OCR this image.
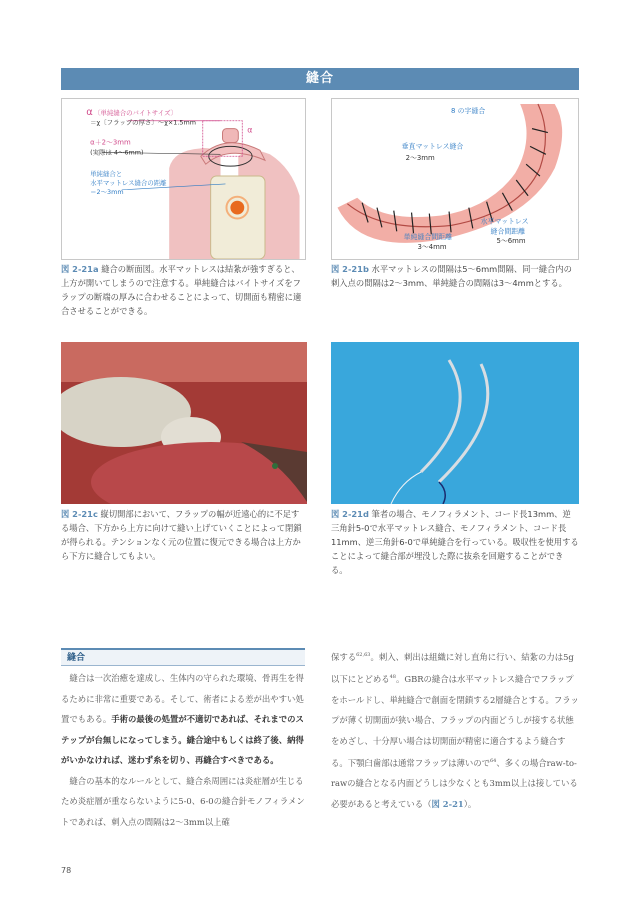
縫合
α 〔単純縫合のバイトサイズ〕
＝χ〔フラップの厚さ〕～χ×1.5mm
α＋2～3mm
(実際は 4～6mm)
単純縫合と
水平マットレス縫合の距離
＝2～3mm
α
図 2-21a 縫合の断面図。水平マットレスは結紮が強すぎると、上方が開いてしまうので注意する。単純縫合はバイトサイズをフラップの断端の厚みに合わせることによって、切開面も精密に適合させることができる。
8 の字縫合
垂直マットレス縫合
2～3mm
水平マットレス
縫合間距離
5～6mm
単純縫合間距離
3～4mm
図 2-21b 水平マットレスの間隔は5～6mm間隔、同一縫合内の刺入点の間隔は2～3mm、単純縫合の間隔は3～4mmとする。
図 2-21c 縦切開部において、フラップの幅が近遠心的に不足する場合、下方から上方に向けて縫い上げていくことによって閉鎖が得られる。テンションなく元の位置に復元できる場合は上方から下方に縫合してもよい。
図 2-21d 筆者の場合、モノフィラメント、コード長13mm、逆三角針5-0で水平マットレス縫合、モノフィラメント、コード長11mm、逆三角針6-0で単純縫合を行っている。吸収性を使用することによって縫合部が埋没した際に抜糸を回避することができる。
縫合

縫合は一次治癒を達成し、生体内の守られた環境、骨再生を得るために非常に重要である。そして、術者による差が出やすい処置でもある。手術の最後の処置が不適切であれば、それまでのステップが台無しになってしまう。縫合途中もしくは終了後、納得がいかなければ、迷わず糸を切り、再縫合すべきである。

縫合の基本的なルールとして、縫合糸周囲には炎症層が生じるため炎症層が重ならないように5-0、6-0の縫合針モノフィラメントであれば、刺入点の間隔は2～3mm以上確

保する$^{62,63}$。刺入、刺出は組織に対し直角に行い、結紮の力は5g以下にとどめる$^{48}$。GBRの縫合は水平マットレス縫合でフラップをホールドし、単純縫合で創面を閉鎖する2層縫合とする。フラップが薄く切開面が狭い場合、フラップの内面どうしが接する状態をめざし、十分厚い場合は切開面が精密に適合するよう縫合する。下顎臼歯部は通常フラップは薄いので$^{64}$、多くの場合raw-to-rawの縫合となる内面どうしは少なくとも3mm以上は接している必要があると考えている（図 2-21）。

78
